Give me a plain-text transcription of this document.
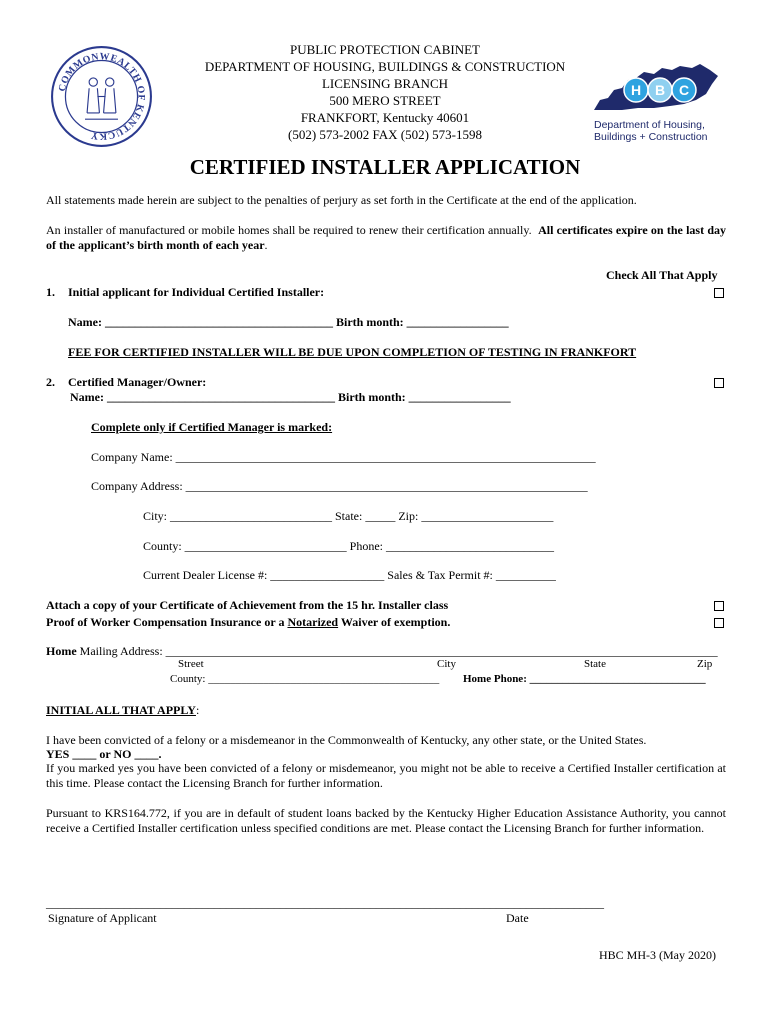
COMMONWEALTH OF KENTUCKY
PUBLIC PROTECTION CABINET
DEPARTMENT OF HOUSING, BUILDINGS & CONSTRUCTION
LICENSING BRANCH
500 MERO STREET
FRANKFORT, Kentucky 40601
(502) 573-2002 FAX (502) 573-1598
H B C
Department of Housing,
Buildings + Construction
CERTIFIED INSTALLER APPLICATION
All statements made herein are subject to the penalties of perjury as set forth in the Certificate at the end of the application.
An installer of manufactured or mobile homes shall be required to renew their certification annually. All certificates expire on the last day of the applicant’s birth month of each year.
Check All That Apply
1. Initial applicant for Individual Certified Installer:
Name: ______________________________________ Birth month: _________________
FEE FOR CERTIFIED INSTALLER WILL BE DUE UPON COMPLETION OF TESTING IN FRANKFORT
2. Certified Manager/Owner:
Name: ______________________________________ Birth month: _________________
Complete only if Certified Manager is marked:
Company Name: ______________________________________________________________________
Company Address: ___________________________________________________________________
City: ___________________________ State: _____ Zip: ______________________
County: ___________________________ Phone: ____________________________
Current Dealer License #: ___________________ Sales & Tax Permit #: __________
Attach a copy of your Certificate of Achievement from the 15 hr. Installer class
Proof of Worker Compensation Insurance or a Notarized Waiver of exemption.
Home Mailing Address: ____________________________________________________________________________________________
Street	City	State	Zip
County: __________________________________________ Home Phone: ________________________________
INITIAL ALL THAT APPLY:
I have been convicted of a felony or a misdemeanor in the Commonwealth of Kentucky, any other state, or the United States.
YES ____ or NO ____.
If you marked yes you have been convicted of a felony or misdemeanor, you might not be able to receive a Certified Installer certification at this time. Please contact the Licensing Branch for further information.
Pursuant to KRS164.772, if you are in default of student loans backed by the Kentucky Higher Education Assistance Authority, you cannot receive a Certified Installer certification unless specified conditions are met. Please contact the Licensing Branch for further information.
_____________________________________________________________________________________________
Signature of Applicant	Date
HBC MH-3 (May 2020)
